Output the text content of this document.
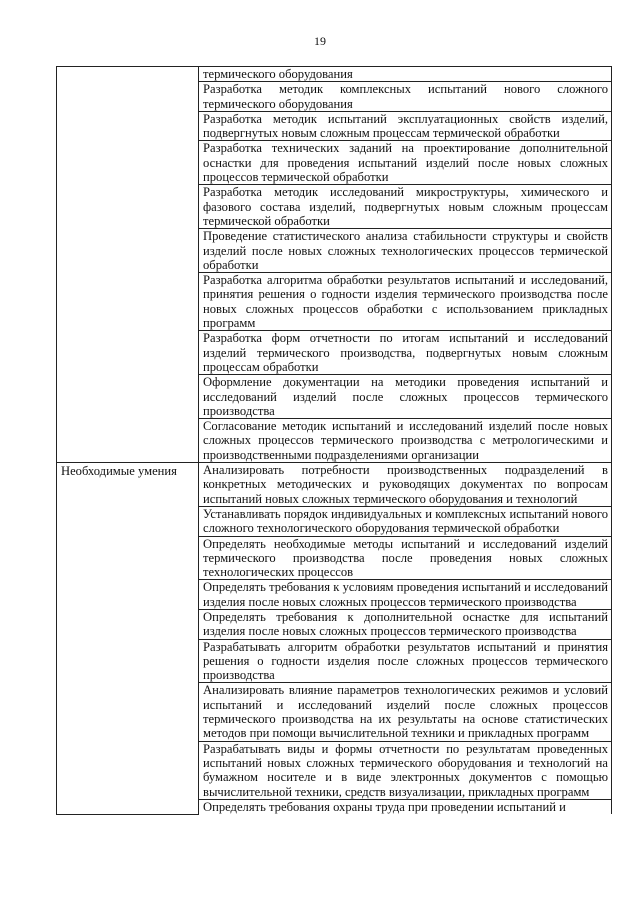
19
	термического оборудования
	Разработка методик комплексных испытаний нового сложного термического оборудования
	Разработка методик испытаний эксплуатационных свойств изделий, подвергнутых новым сложным процессам термической обработки
	Разработка технических заданий на проектирование дополнительной оснастки для проведения испытаний изделий после новых сложных процессов термической обработки
	Разработка методик исследований микроструктуры, химического и фазового состава изделий, подвергнутых новым сложным процессам термической обработки
	Проведение статистического анализа стабильности структуры и свойств изделий после новых сложных технологических процессов термической обработки
	Разработка алгоритма обработки результатов испытаний и исследований, принятия решения о годности изделия термического производства после новых сложных процессов обработки с использованием прикладных программ
	Разработка форм отчетности по итогам испытаний и исследований изделий термического производства, подвергнутых новым сложным процессам обработки
	Оформление документации на методики проведения испытаний и исследований изделий после сложных процессов термического производства
	Согласование методик испытаний и исследований изделий после новых сложных процессов термического производства с метрологическими и производственными подразделениями организации
Необходимые умения	Анализировать потребности производственных подразделений в конкретных методических и руководящих документах по вопросам испытаний новых сложных термического оборудования и технологий
	Устанавливать порядок индивидуальных и комплексных испытаний нового сложного технологического оборудования термической обработки
	Определять необходимые методы испытаний и исследований изделий термического производства после проведения новых сложных технологических процессов
	Определять требования к условиям проведения испытаний и исследований изделия после новых сложных процессов термического производства
	Определять требования к дополнительной оснастке для испытаний изделия после новых сложных процессов термического производства
	Разрабатывать алгоритм обработки результатов испытаний и принятия решения о годности изделия после сложных процессов термического производства
	Анализировать влияние параметров технологических режимов и условий испытаний и исследований изделий после сложных процессов термического производства на их результаты на основе статистических методов при помощи вычислительной техники и прикладных программ
	Разрабатывать виды и формы отчетности по результатам проведенных испытаний новых сложных термического оборудования и технологий на бумажном носителе и в виде электронных документов с помощью вычислительной техники, средств визуализации, прикладных программ
	Определять требования охраны труда при проведении испытаний и
